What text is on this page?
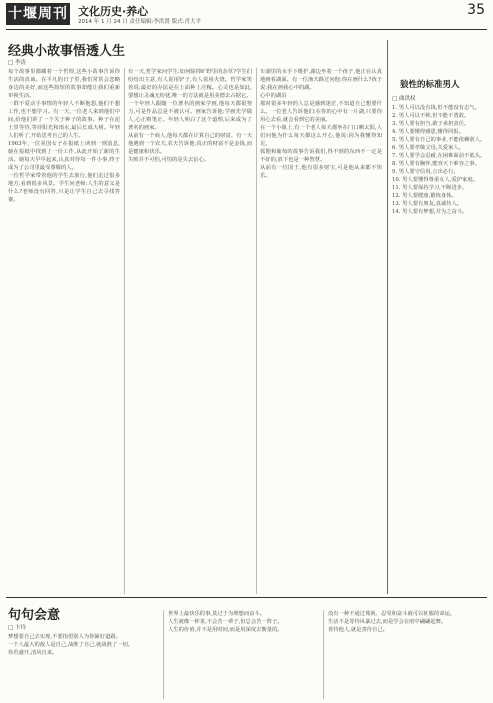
十堰周刊 文化历史·养心
2014 年 1 月 24 日 责任编辑:李洪贤 版式:肖大平
35
经典小故事悟透人生
□ 李涛
每个故事里都藏着一个哲理,这些小故事告诉你生活的真谛。在平凡的日子里,我们常常会忽略身边的美好,而这些简短的故事却能让我们重新审视生活。
一群不爱动手事情的年轻人不断抱怨,他们不想工作,也不想学习。有一天,一位老人来到他们中间,给他们讲了一个关于种子的故事。种子在泥土里等待,等待阳光和雨水,最后长成大树。年轻人们听了,开始思考自己的人生。
1963年,一位美国女子在报纸上读到一则消息,她在报纸中找到了一份工作,从此开始了新的生活。她每天早早起来,认真对待每一件小事,终于成为了公司里最受尊敬的人。
一位哲学家带着他的学生去旅行,他们走过很多地方,看到很多风景。学生问老师:人生的意义是什么?老师没有回答,只是让学生自己去寻找答案。
有一天,哲学家问学生:如何除掉旷野里的杂草?学生们纷纷出主意,有人说用铲子,有人说用火烧。哲学家笑着说:最好的办法是在上面种上庄稼。心灵也是如此,要想让灵魂无纷扰,唯一的方法就是用美德去占据它。
一个年轻人跟随一位著名的画家学画,他每天都很努力,可是作品总是不被认可。画家告诉他:学画先学做人,心正则笔正。年轻人明白了这个道理,后来成为了著名的画家。
从前有一个商人,他每天都在计算自己的财富。有一天他遇到一个农夫,农夫告诉他:真正的财富不是金钱,而是健康和快乐。
失败并不可怕,可怕的是失去信心。
车湖里的水手下维护,湖边坐着一个孩子,他正在认真地画着湖面。有一位渔夫路过问他:你在画什么?孩子说:我在画我心中的湖。
心中的湖泊
那时很多年轻的人总是感到迷茫,不知道自己想要什么。一位老人告诉他们:在你的心中有一片湖,只要你用心去看,就会看到它的美丽。
在一个小镇上,有一个老人每天都坐在门口晒太阳,人们问他为什么每天都这么开心,他说:因为我懂得知足。
狐狸和葡萄的故事告诉我们,得不到的东西不一定是不好的,放下也是一种智慧。
从前有一位国王,他有很多财宝,可是他从来都不快乐。
狼性的标准男人
□ 曲洪权
1. 男人可以没有钱,但不能没有志气。
2. 男人可以不帅,但不能不勇敢。
3. 男人要有担当,敢于承担责任。
4. 男人要懂得感恩,懂得回报。
5. 男人要有自己的事业,不能依赖别人。
6. 男人要孝敬父母,关爱家人。
7. 男人要学会忍耐,在困难面前不低头。
8. 男人要有胸怀,能容天下难容之事。
9. 男人要守信用,言出必行。
10. 男人要懂得尊重女人,爱护家庭。
11. 男人要保持学习,不断进步。
12. 男人要健康,锻炼身体。
13. 男人要有朋友,真诚待人。
14. 男人要有梦想,并为之奋斗。
句句会意
□ 卞玲
梦想要自己去实现,不要指望别人为你铺好道路。
一个人最大的敌人是自己,战胜了自己,就战胜了一切。
你若盛开,清风自来。
世界上最快乐的事,莫过于为理想而奋斗。
人生就像一杯茶,不会苦一辈子,但总会苦一阵子。
人生的价值,并不是用时间,而是用深度去衡量的。
没有一种不通过蔑视、忍受和奋斗就可以征服的命运。
生活不是等待风暴过去,而是学会在雨中翩翩起舞。
善待他人,就是善待自己。
